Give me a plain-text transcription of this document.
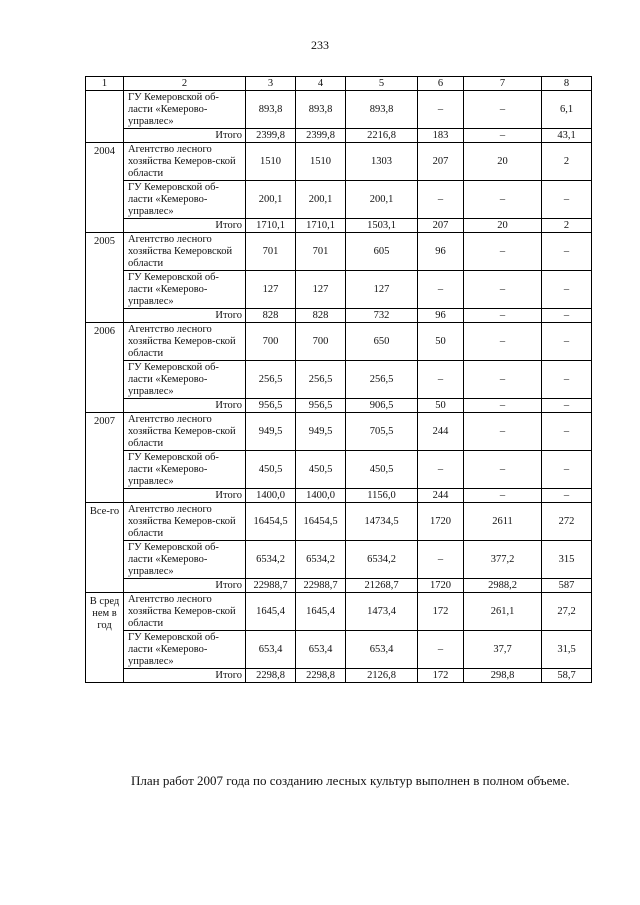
233
1	2	3	4	5	6	7	8
	ГУ Кемеровской об-ласти «Кемерово-управлес»	893,8	893,8	893,8	–	–	6,1
	Итого	2399,8	2399,8	2216,8	183	–	43,1
2004	Агентство лесного хозяйства Кемеров-ской области	1510	1510	1303	207	20	2
	ГУ Кемеровской об-ласти «Кемерово-управлес»	200,1	200,1	200,1	–	–	–
	Итого	1710,1	1710,1	1503,1	207	20	2
2005	Агентство лесного хозяйства Кемеровской области	701	701	605	96	–	–
	ГУ Кемеровской об-ласти «Кемерово-управлес»	127	127	127	–	–	–
	Итого	828	828	732	96	–	–
2006	Агентство лесного хозяйства Кемеров-ской области	700	700	650	50	–	–
	ГУ Кемеровской об-ласти «Кемерово-управлес»	256,5	256,5	256,5	–	–	–
	Итого	956,5	956,5	906,5	50	–	–
2007	Агентство лесного хозяйства Кемеров-ской области	949,5	949,5	705,5	244	–	–
	ГУ Кемеровской об-ласти «Кемерово-управлес»	450,5	450,5	450,5	–	–	–
	Итого	1400,0	1400,0	1156,0	244	–	–
Все-го	Агентство лесного хозяйства Кемеров-ской области	16454,5	16454,5	14734,5	1720	2611	272
	ГУ Кемеровской об-ласти «Кемерово-управлес»	6534,2	6534,2	6534,2	–	377,2	315
	Итого	22988,7	22988,7	21268,7	1720	2988,2	587
В сред нем в год	Агентство лесного хозяйства Кемеров-ской области	1645,4	1645,4	1473,4	172	261,1	27,2
	ГУ Кемеровской об-ласти «Кемерово-управлес»	653,4	653,4	653,4	–	37,7	31,5
	Итого	2298,8	2298,8	2126,8	172	298,8	58,7

План работ 2007 года по созданию лесных культур выполнен в полном объеме.
